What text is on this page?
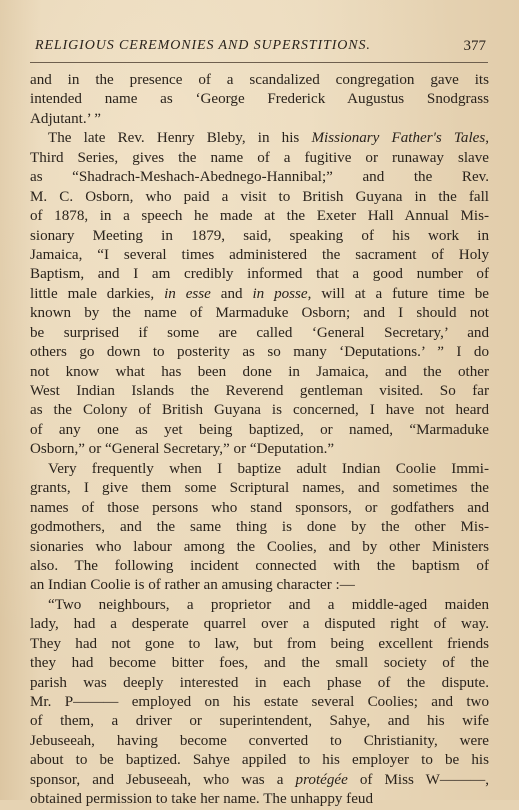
RELIGIOUS CEREMONIES AND SUPERSTITIONS.	377
and in the presence of a scandalized congregation gave its
intended name as ‘George Frederick Augustus Snodgrass
Adjutant.’ ”
The late Rev. Henry Bleby, in his Missionary Father's Tales,
Third Series, gives the name of a fugitive or runaway slave
as “Shadrach-Meshach-Abednego-Hannibal;” and the Rev.
M. C. Osborn, who paid a visit to British Guyana in the fall
of 1878, in a speech he made at the Exeter Hall Annual Mis-
sionary Meeting in 1879, said, speaking of his work in
Jamaica, “I several times administered the sacrament of Holy
Baptism, and I am credibly informed that a good number of
little male darkies, in esse and in posse, will at a future time be
known by the name of Marmaduke Osborn; and I should not
be surprised if some are called ‘General Secretary,’ and
others go down to posterity as so many ‘Deputations.’ ” I do
not know what has been done in Jamaica, and the other
West Indian Islands the Reverend gentleman visited. So far
as the Colony of British Guyana is concerned, I have not heard
of any one as yet being baptized, or named, “Marmaduke
Osborn,” or “General Secretary,” or “Deputation.”
Very frequently when I baptize adult Indian Coolie Immi-
grants, I give them some Scriptural names, and sometimes the
names of those persons who stand sponsors, or godfathers and
godmothers, and the same thing is done by the other Mis-
sionaries who labour among the Coolies, and by other Ministers
also. The following incident connected with the baptism of
an Indian Coolie is of rather an amusing character :—
“Two neighbours, a proprietor and a middle-aged maiden
lady, had a desperate quarrel over a disputed right of way.
They had not gone to law, but from being excellent friends
they had become bitter foes, and the small society of the
parish was deeply interested in each phase of the dispute.
Mr. P——— employed on his estate several Coolies; and two
of them, a driver or superintendent, Sahye, and his wife
Jebuseeah, having become converted to Christianity, were
about to be baptized. Sahye appiled to his employer to be his
sponsor, and Jebuseeah, who was a protégée of Miss W———,
obtained permission to take her name. The unhappy feud
